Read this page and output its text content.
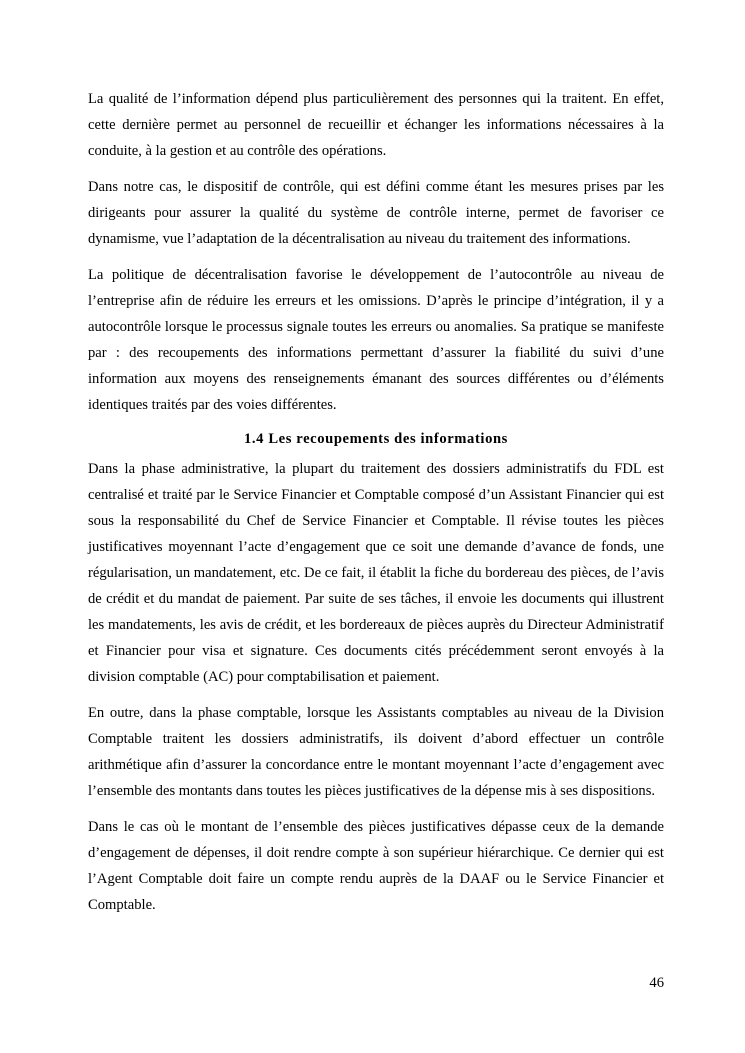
La qualité de l’information dépend plus particulièrement des personnes qui la traitent. En effet, cette dernière permet au personnel de recueillir et échanger les informations nécessaires à la conduite, à la gestion et au contrôle des opérations.

Dans notre cas, le dispositif de contrôle, qui est défini comme étant les mesures prises par les dirigeants pour assurer la qualité du système de contrôle interne, permet de favoriser ce dynamisme, vue l’adaptation de la décentralisation au niveau du traitement des informations.

La politique de décentralisation favorise le développement de l’autocontrôle au niveau de l’entreprise afin de réduire les erreurs et les omissions. D’après le principe d’intégration, il y a autocontrôle lorsque le processus signale toutes les erreurs ou anomalies. Sa pratique se manifeste par : des recoupements des informations permettant d’assurer la fiabilité du suivi d’une information aux moyens des renseignements émanant des sources différentes ou d’éléments identiques traités par des voies différentes.

1.4 Les recoupements des informations

Dans la phase administrative, la plupart du traitement des dossiers administratifs du FDL est centralisé et traité par le Service Financier et Comptable composé d’un Assistant Financier qui est sous la responsabilité du Chef de Service Financier et Comptable. Il révise toutes les pièces justificatives moyennant l’acte d’engagement que ce soit une demande d’avance de fonds, une régularisation, un mandatement, etc. De ce fait, il établit la fiche du bordereau des pièces, de l’avis de crédit et du mandat de paiement. Par suite de ses tâches, il envoie les documents qui illustrent les mandatements, les avis de crédit, et les bordereaux de pièces auprès du Directeur Administratif et Financier pour visa et signature. Ces documents cités précédemment seront envoyés à la division comptable (AC) pour comptabilisation et paiement.

En outre, dans la phase comptable, lorsque les Assistants comptables au niveau de la Division Comptable traitent les dossiers administratifs, ils doivent d’abord effectuer un contrôle arithmétique afin d’assurer la concordance entre le montant moyennant l’acte d’engagement avec l’ensemble des montants dans toutes les pièces justificatives de la dépense mis à ses dispositions.

Dans le cas où le montant de l’ensemble des pièces justificatives dépasse ceux de la demande d’engagement de dépenses, il doit rendre compte à son supérieur hiérarchique. Ce dernier qui est l’Agent Comptable doit faire un compte rendu auprès de la DAAF ou le Service Financier et Comptable.

46
